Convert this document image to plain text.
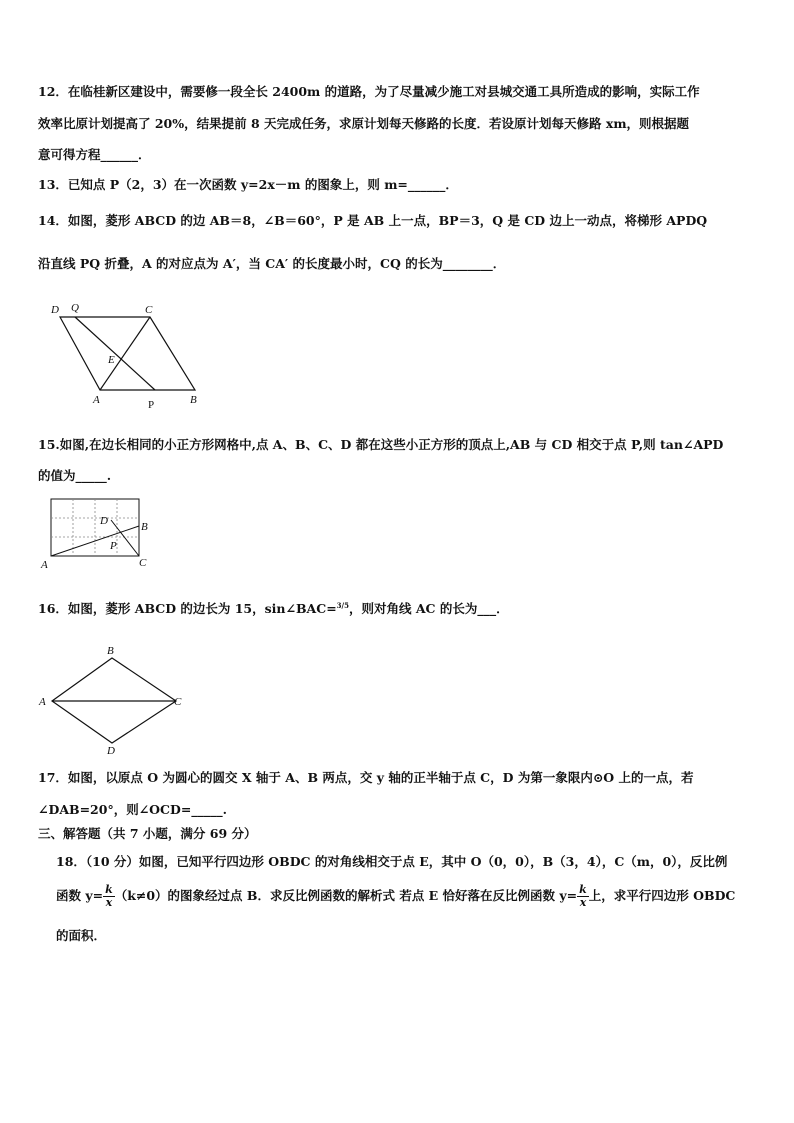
12．在临桂新区建设中，需要修一段全长 2400m 的道路，为了尽量减少施工对县城交通工具所造成的影响，实际工作
效率比原计划提高了 20%，结果提前 8 天完成任务，求原计划每天修路的长度．若设原计划每天修路 xm，则根据题
意可得方程______．
13．已知点 P（2，3）在一次函数 y=2x－m 的图象上，则 m=______．
14．如图，菱形 ABCD 的边 AB＝8，∠B＝60°，P 是 AB 上一点，BP＝3，Q 是 CD 边上一动点，将梯形 APDQ
沿直线 PQ 折叠，A 的对应点为 A′，当 CA′ 的长度最小时，CQ 的长为________．
D Q	C
E
A	P	B
15.如图,在边长相同的小正方形网格中,点 A、B、C、D 都在这些小正方形的顶点上,AB 与 CD 相交于点 P,则 tan∠APD
的值为_____.
D	B
P
A	C
16．如图，菱形 ABCD 的边长为 15，sin∠BAC=$^{3/5}$，则对角线 AC 的长为___．
B
A	C
D
17．如图，以原点 O 为圆心的圆交 X 轴于 A、B 两点，交 y 轴的正半轴于点 C，D 为第一象限内⊙O 上的一点，若
∠DAB=20°，则∠OCD=_____.
三、解答题（共 7 小题，满分 69 分）
18．（10 分）如图，已知平行四边形 OBDC 的对角线相交于点 E，其中 O（0，0），B（3，4），C（m，0），反比例
函数 $y= \frac{k}{x} (k\ne 0)$的图象经过点 B．求反比例函数的解析式 若点 E 恰好落在反比例函数 $y= \frac{k}{x}$ 上，求平行四边形 OBDC
的面积．
